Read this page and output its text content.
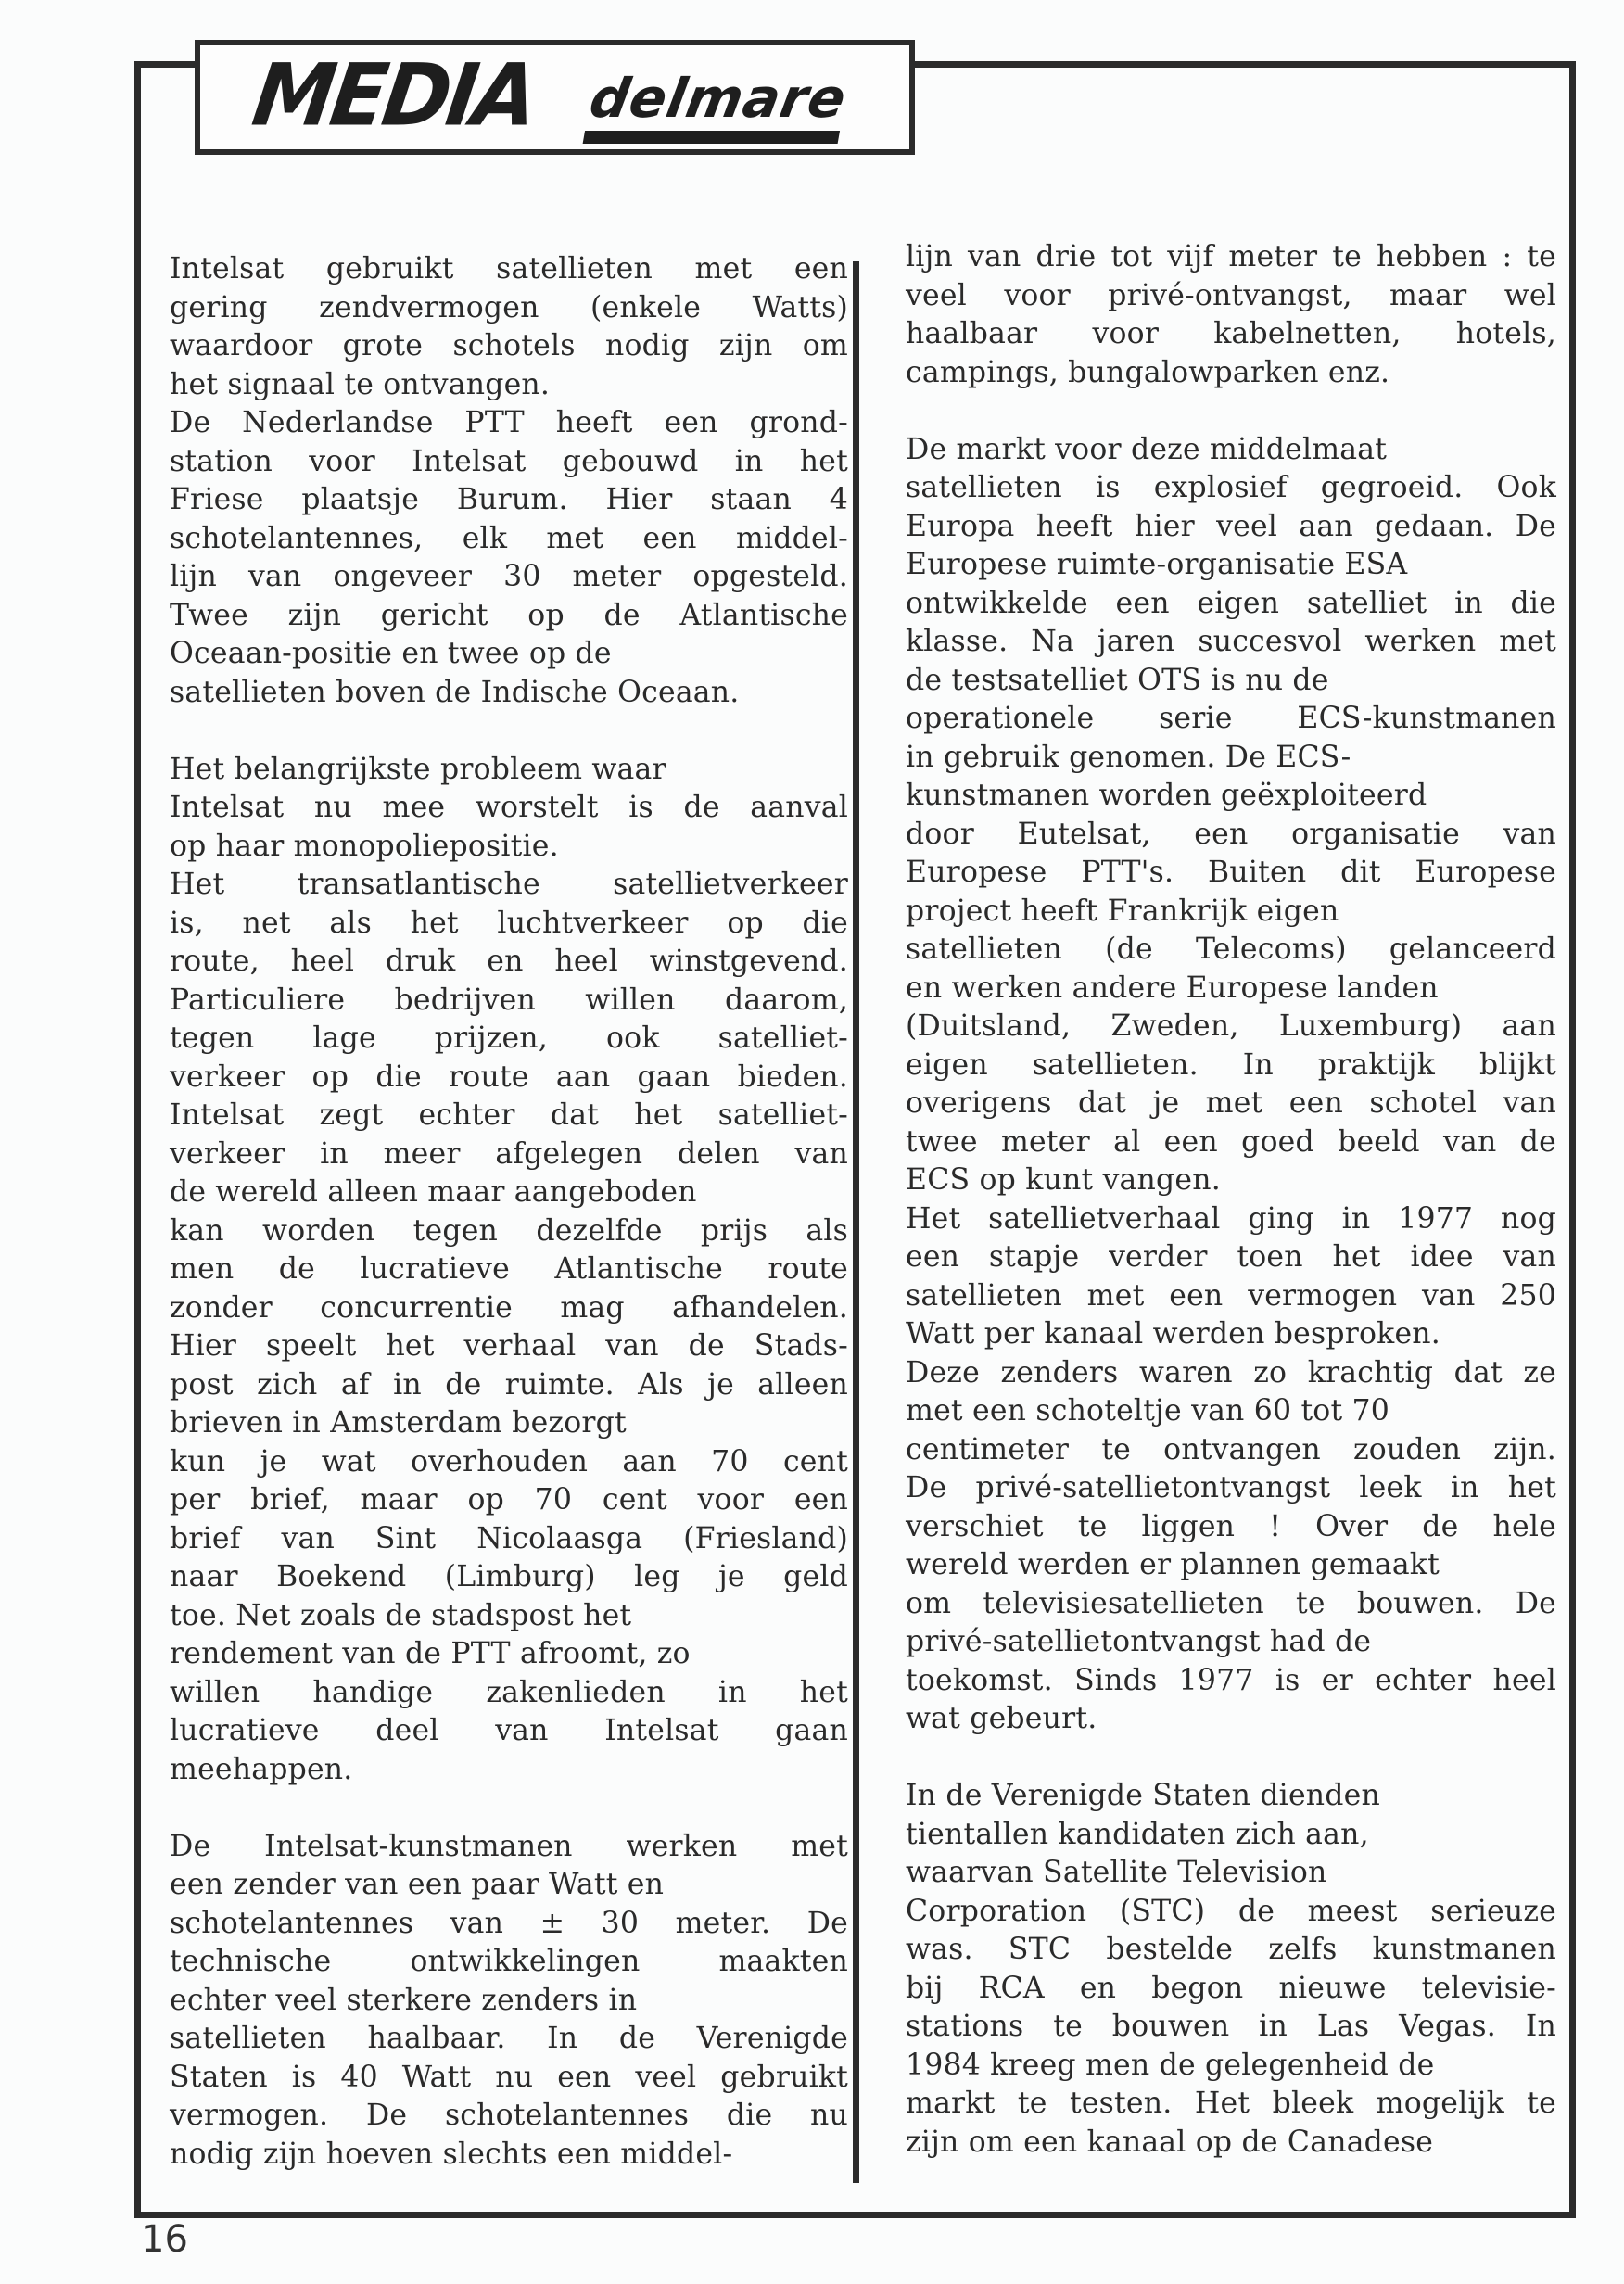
MEDIA delmare
Intelsat gebruikt satellieten met een
gering zendvermogen (enkele Watts)
waardoor grote schotels nodig zijn om
het signaal te ontvangen.
De Nederlandse PTT heeft een grond-
station voor Intelsat gebouwd in het
Friese plaatsje Burum. Hier staan 4
schotelantennes, elk met een middel-
lijn van ongeveer 30 meter opgesteld.
Twee zijn gericht op de Atlantische
Oceaan-positie en twee op de
satellieten boven de Indische Oceaan.
Het belangrijkste probleem waar
Intelsat nu mee worstelt is de aanval
op haar monopoliepositie.
Het transatlantische satellietverkeer
is, net als het luchtverkeer op die
route, heel druk en heel winstgevend.
Particuliere bedrijven willen daarom,
tegen lage prijzen, ook satelliet-
verkeer op die route aan gaan bieden.
Intelsat zegt echter dat het satelliet-
verkeer in meer afgelegen delen van
de wereld alleen maar aangeboden
kan worden tegen dezelfde prijs als
men de lucratieve Atlantische route
zonder concurrentie mag afhandelen.
Hier speelt het verhaal van de Stads-
post zich af in de ruimte. Als je alleen
brieven in Amsterdam bezorgt
kun je wat overhouden aan 70 cent
per brief, maar op 70 cent voor een
brief van Sint Nicolaasga (Friesland)
naar Boekend (Limburg) leg je geld
toe. Net zoals de stadspost het
rendement van de PTT afroomt, zo
willen handige zakenlieden in het
lucratieve deel van Intelsat gaan
meehappen.
De Intelsat-kunstmanen werken met
een zender van een paar Watt en
schotelantennes van ± 30 meter. De
technische ontwikkelingen maakten
echter veel sterkere zenders in
satellieten haalbaar. In de Verenigde
Staten is 40 Watt nu een veel gebruikt
vermogen. De schotelantennes die nu
nodig zijn hoeven slechts een middel-
lijn van drie tot vijf meter te hebben : te
veel voor privé-ontvangst, maar wel
haalbaar voor kabelnetten, hotels,
campings, bungalowparken enz.
De markt voor deze middelmaat
satellieten is explosief gegroeid. Ook
Europa heeft hier veel aan gedaan. De
Europese ruimte-organisatie ESA
ontwikkelde een eigen satelliet in die
klasse. Na jaren succesvol werken met
de testsatelliet OTS is nu de
operationele serie ECS-kunstmanen
in gebruik genomen. De ECS-
kunstmanen worden geëxploiteerd
door Eutelsat, een organisatie van
Europese PTT's. Buiten dit Europese
project heeft Frankrijk eigen
satellieten (de Telecoms) gelanceerd
en werken andere Europese landen
(Duitsland, Zweden, Luxemburg) aan
eigen satellieten. In praktijk blijkt
overigens dat je met een schotel van
twee meter al een goed beeld van de
ECS op kunt vangen.
Het satellietverhaal ging in 1977 nog
een stapje verder toen het idee van
satellieten met een vermogen van 250
Watt per kanaal werden besproken.
Deze zenders waren zo krachtig dat ze
met een schoteltje van 60 tot 70
centimeter te ontvangen zouden zijn.
De privé-satellietontvangst leek in het
verschiet te liggen ! Over de hele
wereld werden er plannen gemaakt
om televisiesatellieten te bouwen. De
privé-satellietontvangst had de
toekomst. Sinds 1977 is er echter heel
wat gebeurt.
In de Verenigde Staten dienden
tientallen kandidaten zich aan,
waarvan Satellite Television
Corporation (STC) de meest serieuze
was. STC bestelde zelfs kunstmanen
bij RCA en begon nieuwe televisie-
stations te bouwen in Las Vegas. In
1984 kreeg men de gelegenheid de
markt te testen. Het bleek mogelijk te
zijn om een kanaal op de Canadese
16
